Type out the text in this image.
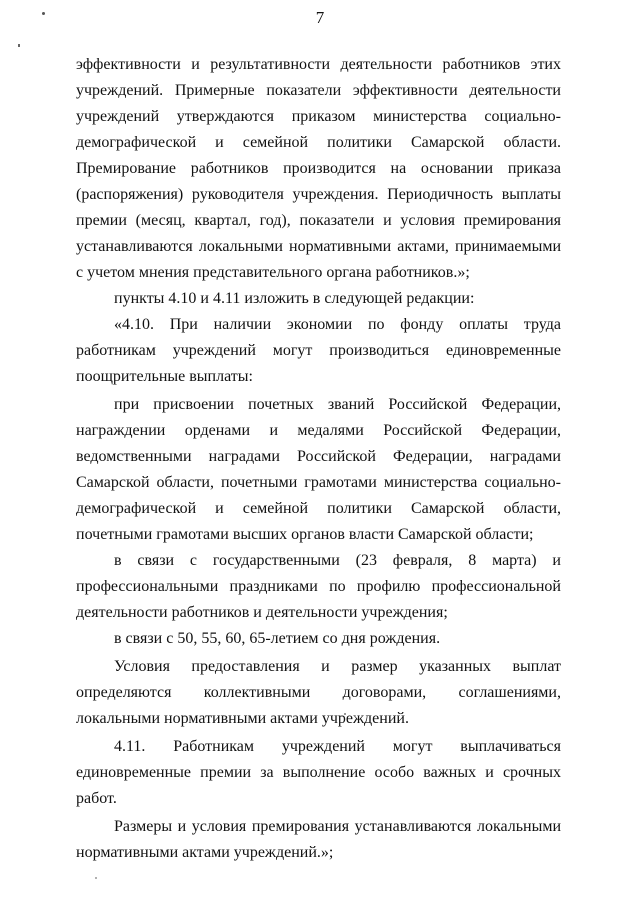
7

эффективности и результативности деятельности работников этих учреждений. Примерные показатели эффективности деятельности учреждений утверждаются приказом министерства социально-демографической и семейной политики Самарской области. Премирование работников производится на основании приказа (распоряжения) руководителя учреждения. Периодичность выплаты премии (месяц, квартал, год), показатели и условия премирования устанавливаются локальными нормативными актами, принимаемыми с учетом мнения представительного органа работников.»;

пункты 4.10 и 4.11 изложить в следующей редакции:

«4.10. При наличии экономии по фонду оплаты труда работникам учреждений могут производиться единовременные поощрительные выплаты:

при присвоении почетных званий Российской Федерации, награждении орденами и медалями Российской Федерации, ведомственными наградами Российской Федерации, наградами Самарской области, почетными грамотами министерства социально-демографической и семейной политики Самарской области, почетными грамотами высших органов власти Самарской области;

в связи с государственными (23 февраля, 8 марта) и профессиональными праздниками по профилю профессиональной деятельности работников и деятельности учреждения;

в связи с 50, 55, 60, 65-летием со дня рождения.

Условия предоставления и размер указанных выплат определяются коллективными договорами, соглашениями, локальными нормативными актами учреждений.

4.11. Работникам учреждений могут выплачиваться единовременные премии за выполнение особо важных и срочных работ.

Размеры и условия премирования устанавливаются локальными нормативными актами учреждений.»;
